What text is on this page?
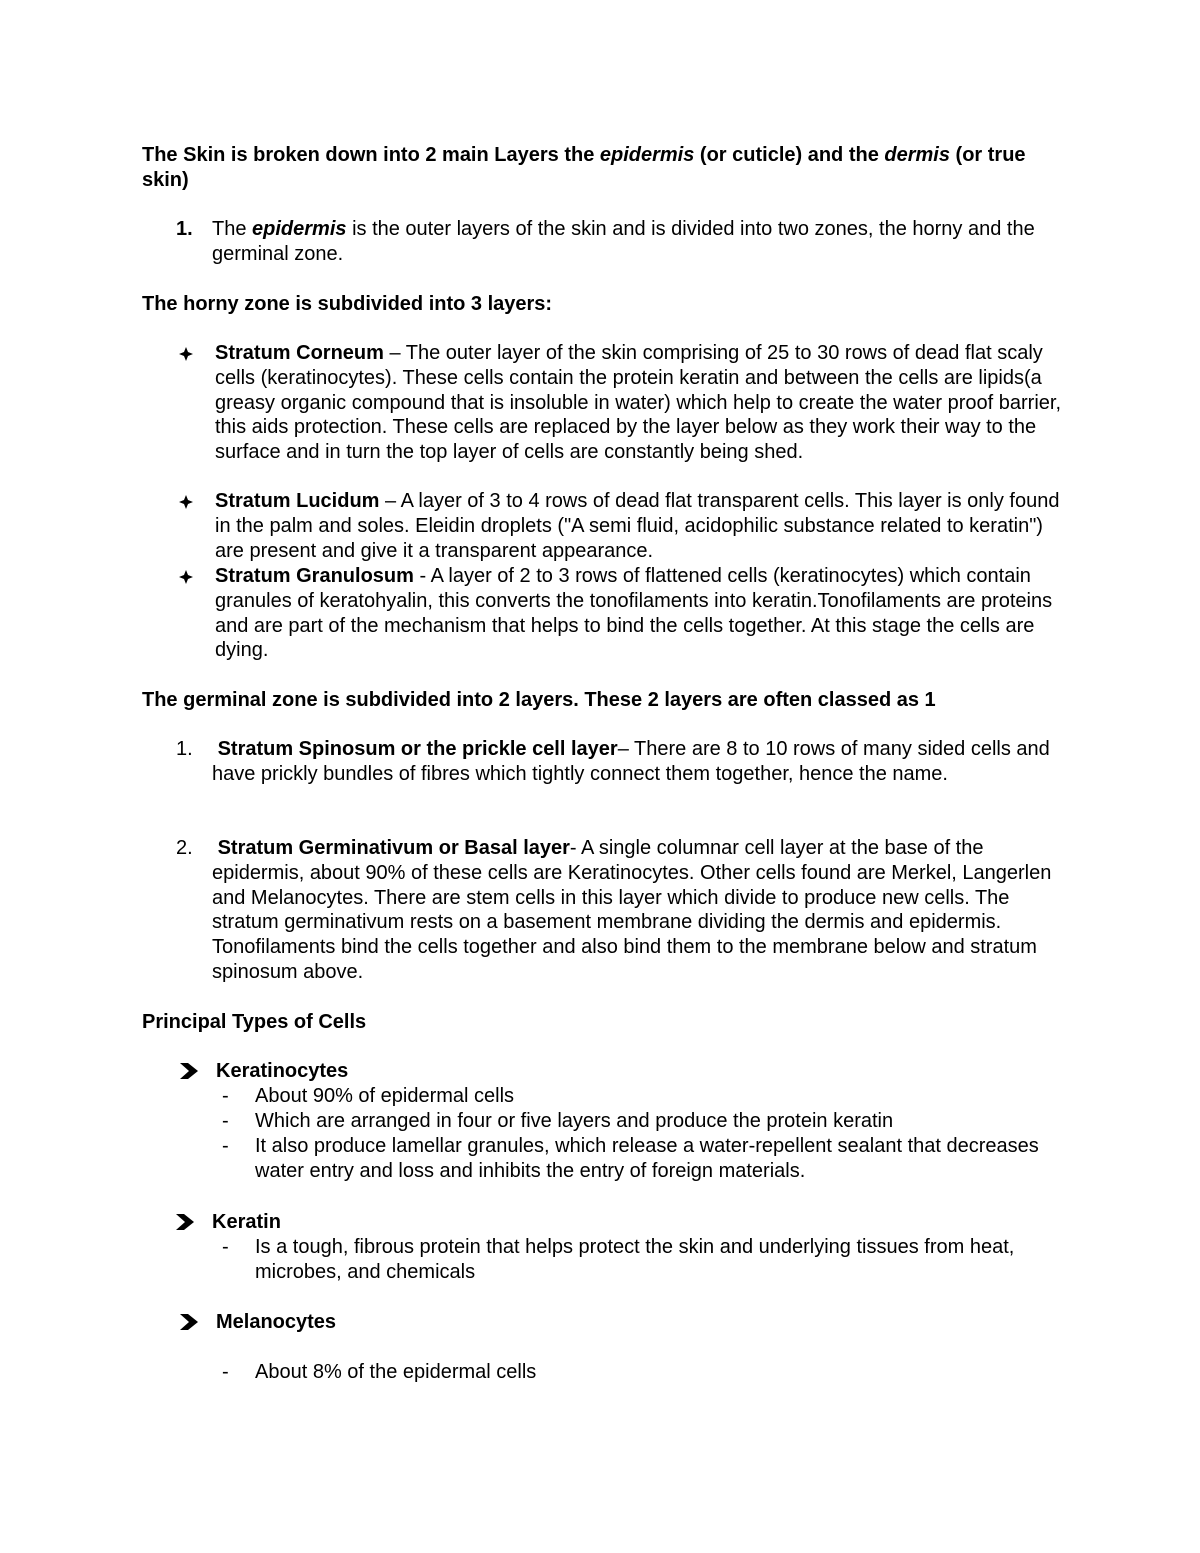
The Skin is broken down into 2 main Layers the epidermis (or cuticle) and the dermis (or true skin)

1. The epidermis is the outer layers of the skin and is divided into two zones, the horny and the germinal zone.

The horny zone is subdivided into 3 layers:

Stratum Corneum – The outer layer of the skin comprising of 25 to 30 rows of dead flat scaly cells (keratinocytes). These cells contain the protein keratin and between the cells are lipids(a greasy organic compound that is insoluble in water) which help to create the water proof barrier, this aids protection. These cells are replaced by the layer below as they work their way to the surface and in turn the top layer of cells are constantly being shed.

Stratum Lucidum – A layer of 3 to 4 rows of dead flat transparent cells. This layer is only found in the palm and soles. Eleidin droplets ("A semi fluid, acidophilic substance related to keratin") are present and give it a transparent appearance.

Stratum Granulosum - A layer of 2 to 3 rows of flattened cells (keratinocytes) which contain granules of keratohyalin, this converts the tonofilaments into keratin.Tonofilaments are proteins and are part of the mechanism that helps to bind the cells together. At this stage the cells are dying.

The germinal zone is subdivided into 2 layers. These 2 layers are often classed as 1

1. Stratum Spinosum or the prickle cell layer– There are 8 to 10 rows of many sided cells and have prickly bundles of fibres which tightly connect them together, hence the name.

2. Stratum Germinativum or Basal layer- A single columnar cell layer at the base of the epidermis, about 90% of these cells are Keratinocytes. Other cells found are Merkel, Langerlen and Melanocytes. There are stem cells in this layer which divide to produce new cells. The stratum germinativum rests on a basement membrane dividing the dermis and epidermis. Tonofilaments bind the cells together and also bind them to the membrane below and stratum spinosum above.

Principal Types of Cells

Keratinocytes
- About 90% of epidermal cells
- Which are arranged in four or five layers and produce the protein keratin
- It also produce lamellar granules, which release a water-repellent sealant that decreases water entry and loss and inhibits the entry of foreign materials.
Keratin
- Is a tough, fibrous protein that helps protect the skin and underlying tissues from heat, microbes, and chemicals
Melanocytes
- About 8% of the epidermal cells
